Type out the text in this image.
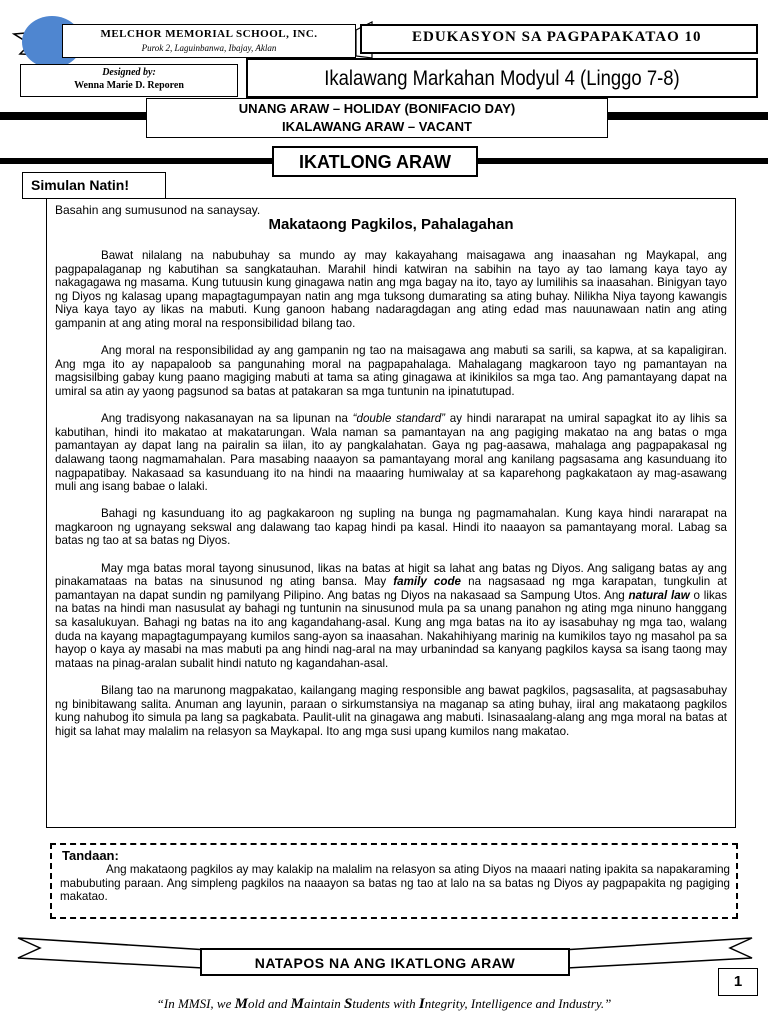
MELCHOR MEMORIAL SCHOOL, INC.
Purok 2, Laguinbanwa, Ibajay, Aklan
EDUKASYON SA PAGPAPAKATAO 10
Designed by:
Wenna Marie D. Reporen	Ikalawang Markahan Modyul 4 (Linggo 7-8)
UNANG ARAW – HOLIDAY (BONIFACIO DAY)
IKALAWANG ARAW – VACANT
IKATLONG ARAW
Simulan Natin!
Basahin ang sumusunod na sanaysay.
Makataong Pagkilos, Pahalagahan

Bawat nilalang na nabubuhay sa mundo ay may kakayahang maisagawa ang inaasahan ng Maykapal, ang pagpapalaganap ng kabutihan sa sangkatauhan. Marahil hindi katwiran na sabihin na tayo ay tao lamang kaya tayo ay nakagagawa ng masama. Kung tutuusin kung ginagawa natin ang mga bagay na ito, tayo ay lumilihis sa inaasahan. Binigyan tayo ng Diyos ng kalasag upang mapagtagumpayan natin ang mga tuksong dumarating sa ating buhay. Nilikha Niya tayong kawangis Niya kaya tayo ay likas na mabuti. Kung ganoon habang nadaragdagan ang ating edad mas nauunawaan natin ang ating gampanin at ang ating moral na responsibilidad bilang tao.

Ang moral na responsibilidad ay ang gampanin ng tao na maisagawa ang mabuti sa sarili, sa kapwa, at sa kapaligiran. Ang mga ito ay napapaloob sa pangunahing moral na pagpapahalaga. Mahalagang magkaroon tayo ng pamantayan na magsisilbing gabay kung paano magiging mabuti at tama sa ating ginagawa at ikinikilos sa mga tao. Ang pamantayang dapat na umiral sa atin ay yaong pagsunod sa batas at patakaran sa mga tuntunin na ipinatutupad.

Ang tradisyong nakasanayan na sa lipunan na “double standard” ay hindi nararapat na umiral sapagkat ito ay lihis sa kabutihan, hindi ito makatao at makatarungan. Wala naman sa pamantayan na ang pagiging makatao na ang batas o mga pamantayan ay dapat lang na pairalin sa iilan, ito ay pangkalahatan. Gaya ng pag-aasawa, mahalaga ang pagpapakasal ng dalawang taong nagmamahalan. Para masabing naaayon sa pamantayang moral ang kanilang pagsasama ang kasunduang ito nagpapatibay. Nakasaad sa kasunduang ito na hindi na maaaring humiwalay at sa kaparehong pagkakataon ay mag-asawang muli ang isang babae o lalaki.

Bahagi ng kasunduang ito ag pagkakaroon ng supling na bunga ng pagmamahalan. Kung kaya hindi nararapat na magkaroon ng ugnayang sekswal ang dalawang tao kapag hindi pa kasal. Hindi ito naaayon sa pamantayang moral. Labag sa batas ng tao at sa batas ng Diyos.

May mga batas moral tayong sinusunod, likas na batas at higit sa lahat ang batas ng Diyos. Ang saligang batas ay ang pinakamataas na batas na sinusunod ng ating bansa. May family code na nagsasaad ng mga karapatan, tungkulin at pamantayan na dapat sundin ng pamilyang Pilipino. Ang batas ng Diyos na nakasaad sa Sampung Utos. Ang natural law o likas na batas na hindi man nasusulat ay bahagi ng tuntunin na sinusunod mula pa sa unang panahon ng ating mga ninuno hanggang sa kasalukuyan. Bahagi ng batas na ito ang kagandahang-asal. Kung ang mga batas na ito ay isasabuhay ng mga tao, walang duda na kayang mapagtagumpayang kumilos sang-ayon sa inaasahan. Nakahihiyang marinig na kumikilos tayo ng masahol pa sa hayop o kaya ay masabi na mas mabuti pa ang hindi nag-aral na may urbanindad sa kanyang pagkilos kaysa sa isang taong may mataas na pinag-aralan subalit hindi natuto ng kagandahan-asal.

Bilang tao na marunong magpakatao, kailangang maging responsible ang bawat pagkilos, pagsasalita, at pagsasabuhay ng binibitawang salita. Anuman ang layunin, paraan o sirkumstansiya na maganap sa ating buhay, iiral ang makataong pagkilos kung nahubog ito simula pa lang sa pagkabata. Paulit-ulit na ginagawa ang mabuti. Isinasaalang-alang ang mga moral na batas at higit sa lahat may malalim na relasyon sa Maykapal. Ito ang mga susi upang kumilos nang makatao.

Tandaan:

Ang makataong pagkilos ay may kalakip na malalim na relasyon sa ating Diyos na maaari nating ipakita sa napakaraming mabubuting paraan. Ang simpleng pagkilos na naaayon sa batas ng tao at lalo na sa batas ng Diyos ay pagpapakita ng pagiging makatao.

NATAPOS NA ANG IKATLONG ARAW
1
“In MMSI, we Mold and Maintain Students with Integrity, Intelligence and Industry.”
